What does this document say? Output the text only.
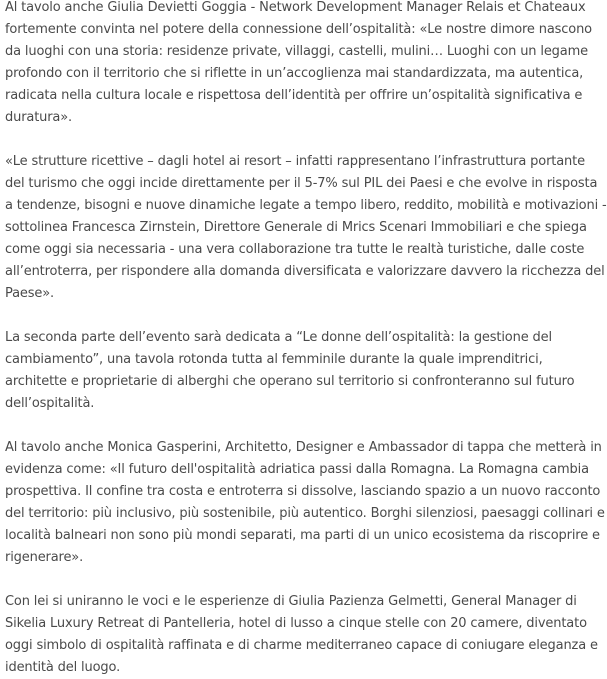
Al tavolo anche Giulia Devietti Goggia - Network Development Manager Relais et Chateaux fortemente convinta nel potere della connessione dell’ospitalità: «Le nostre dimore nascono da luoghi con una storia: residenze private, villaggi, castelli, mulini… Luoghi con un legame profondo con il territorio che si riflette in un’accoglienza mai standardizzata, ma autentica, radicata nella cultura locale e rispettosa dell’identità per offrire un’ospitalità significativa e duratura».

«Le strutture ricettive – dagli hotel ai resort – infatti rappresentano l’infrastruttura portante del turismo che oggi incide direttamente per il 5-7% sul PIL dei Paesi e che evolve in risposta a tendenze, bisogni e nuove dinamiche legate a tempo libero, reddito, mobilità e motivazioni - sottolinea Francesca Zirnstein, Direttore Generale di Mrics Scenari Immobiliari e che spiega come oggi sia necessaria - una vera collaborazione tra tutte le realtà turistiche, dalle coste all’entroterra, per rispondere alla domanda diversificata e valorizzare davvero la ricchezza del Paese».

La seconda parte dell’evento sarà dedicata a “Le donne dell’ospitalità: la gestione del cambiamento”, una tavola rotonda tutta al femminile durante la quale imprenditrici, architette e proprietarie di alberghi che operano sul territorio si confronteranno sul futuro dell’ospitalità.

Al tavolo anche Monica Gasperini, Architetto, Designer e Ambassador di tappa che metterà in evidenza come: «Il futuro dell'ospitalità adriatica passi dalla Romagna. La Romagna cambia prospettiva. Il confine tra costa e entroterra si dissolve, lasciando spazio a un nuovo racconto del territorio: più inclusivo, più sostenibile, più autentico. Borghi silenziosi, paesaggi collinari e località balneari non sono più mondi separati, ma parti di un unico ecosistema da riscoprire e rigenerare».

Con lei si uniranno le voci e le esperienze di Giulia Pazienza Gelmetti, General Manager di Sikelia Luxury Retreat di Pantelleria, hotel di lusso a cinque stelle con 20 camere, diventato oggi simbolo di ospitalità raffinata e di charme mediterraneo capace di coniugare eleganza e identità del luogo.
